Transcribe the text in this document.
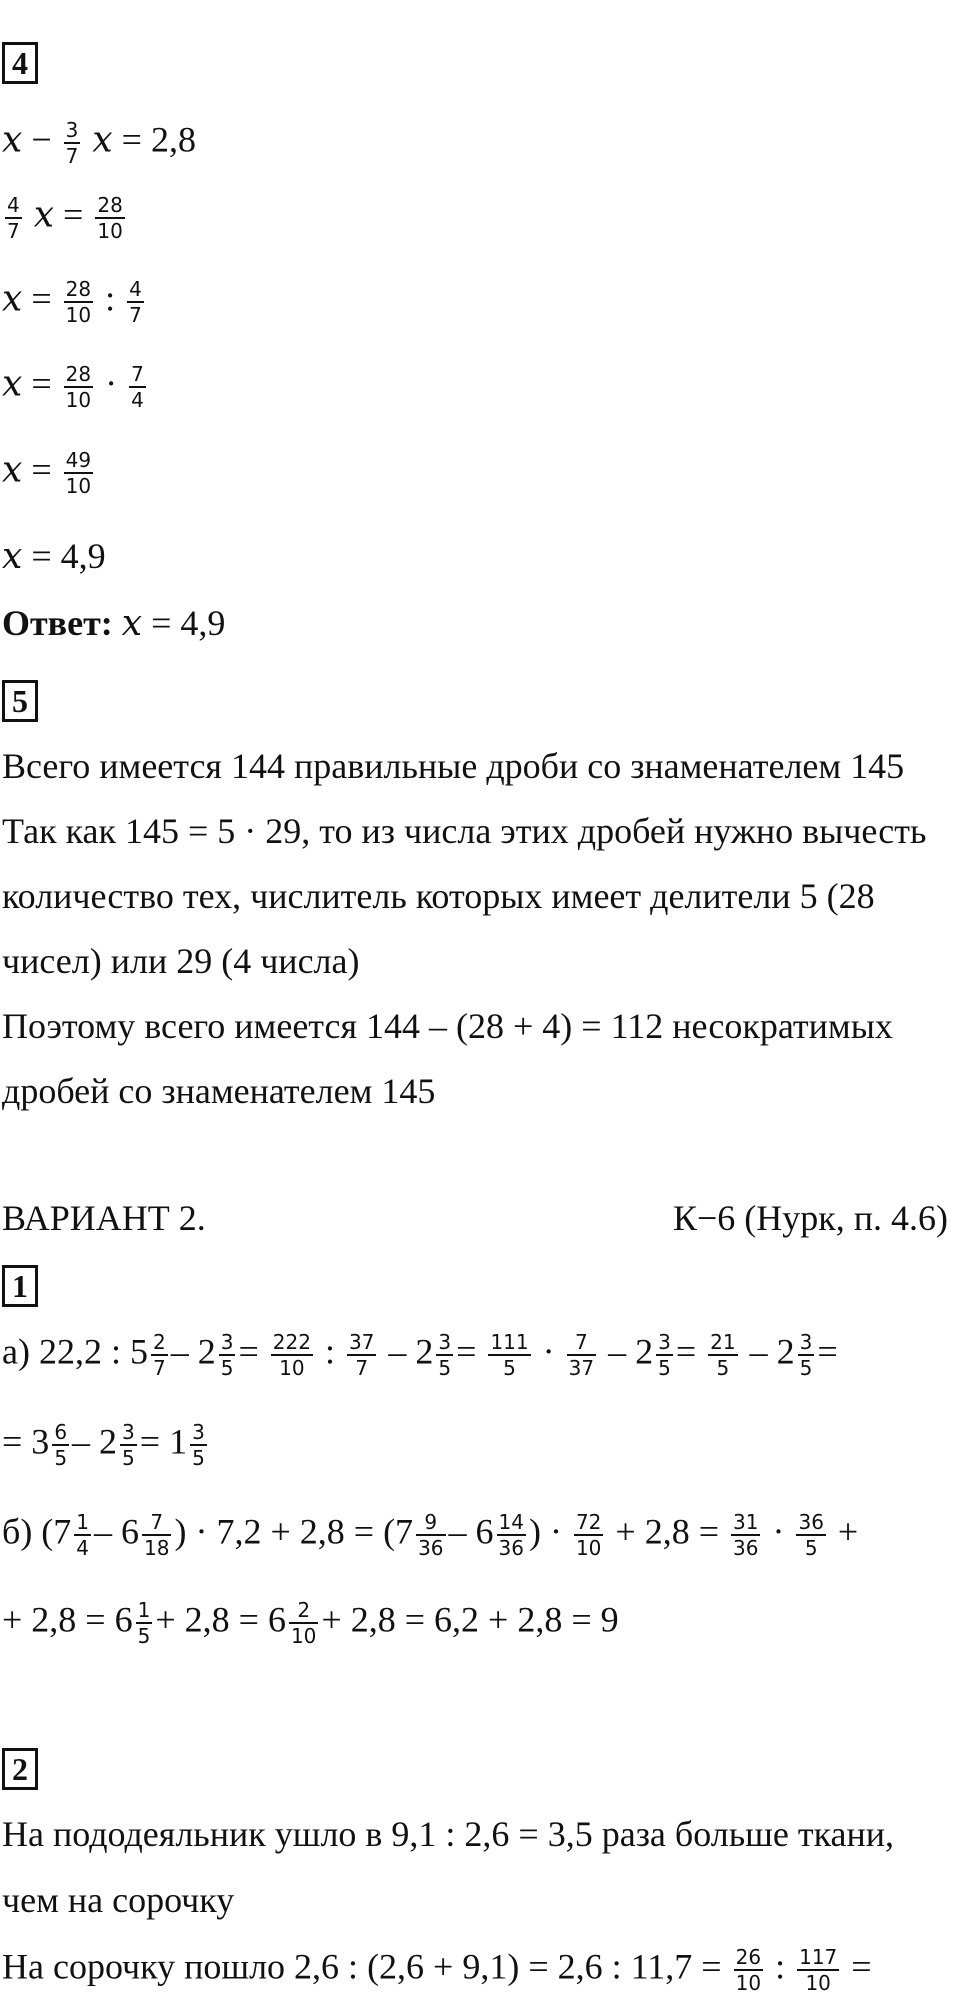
4
$x - \frac{3}{7}$ x = 2,8
$\frac{4}{7}$ $x = \frac{28}{10}$
$x = \frac{28}{10}$ : $\frac{4}{7}$
$x = \frac{28}{10} \cdot \frac{7}{4}$
$x = \frac{49}{10}$
x = 4,9
Ответ: x = 4,9
5
Всего имеется 144 правильные дроби со знаменателем 145
Так как 145 = 5 · 29, то из числа этих дробей нужно вычесть
количество тех, числитель которых имеет делители 5 (28
чисел) или 29 (4 числа)
Поэтому всего имеется 144 – (28 + 4) = 112 несократимых
дробей со знаменателем 145
ВАРИАНТ 2.	К−6 (Нурк, п. 4.6)
1
а) 22,2 : $5 \frac{2}{7} - 2 \frac{3}{5} = \frac{222}{10}$ : $\frac{37}{7} - 2 \frac{3}{5} = \frac{111}{5} \cdot \frac{7}{37} - 2 \frac{3}{5} = \frac{21}{5} - 2 \frac{3}{5}$ =
= $3 \frac{6}{5} - 2 \frac{3}{5} = 1 \frac{3}{5}$
б) ($7 \frac{1}{4} - 6 \frac{7}{18}$ ) · $7,2 + 2,8 = (7 \frac{9}{36} - 6 \frac{14}{36}$ ) · $\frac{72}{10} + 2,8 = \frac{31}{36} \cdot \frac{36}{5}$ +
+ $2,8 = 6 \frac{1}{5} + 2,8 = 6 \frac{2}{10} + 2,8 = 6,2 + 2,8 = 9$
2
На пододеяльник ушло в 9,1 : 2,6 = 3,5 раза больше ткани,
чем на сорочку
На сорочку пошло 2,6 : (2,6 + 9,1) = 2,6 : $11,7 = \frac{26}{10}$ : $\frac{117}{10}$ =
